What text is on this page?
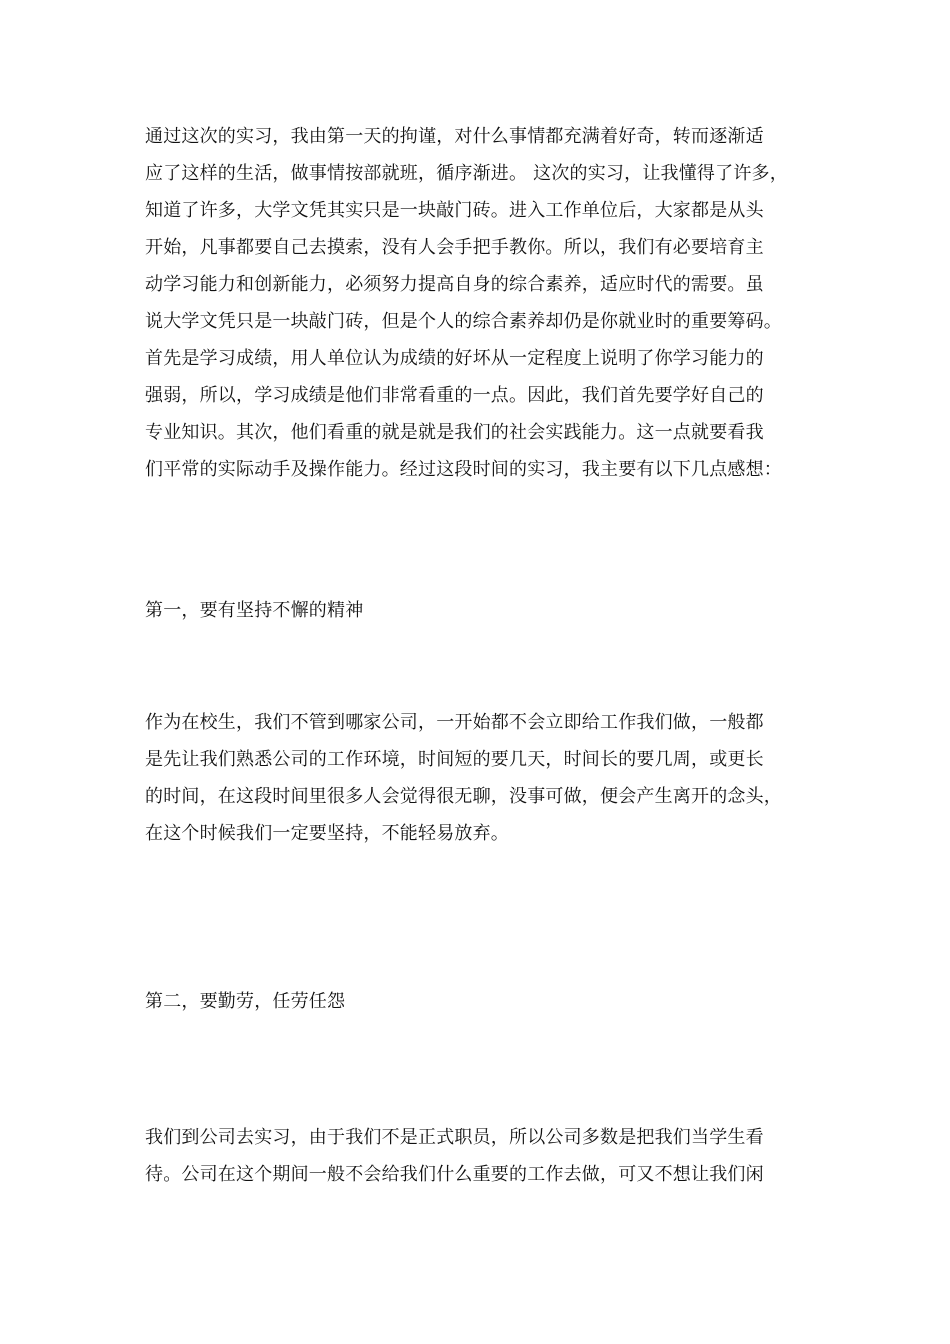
通过这次的实习，我由第一天的拘谨，对什么事情都充满着好奇，转而逐渐适
应了这样的生活，做事情按部就班，循序渐进。 这次的实习，让我懂得了许多，
知道了许多，大学文凭其实只是一块敲门砖。进入工作单位后，大家都是从头
开始，凡事都要自己去摸索，没有人会手把手教你。所以，我们有必要培育主
动学习能力和创新能力，必须努力提高自身的综合素养，适应时代的需要。虽
说大学文凭只是一块敲门砖，但是个人的综合素养却仍是你就业时的重要筹码。
首先是学习成绩，用人单位认为成绩的好坏从一定程度上说明了你学习能力的
强弱，所以，学习成绩是他们非常看重的一点。因此，我们首先要学好自己的
专业知识。其次，他们看重的就是就是我们的社会实践能力。这一点就要看我
们平常的实际动手及操作能力。经过这段时间的实习，我主要有以下几点感想：
第一，要有坚持不懈的精神
作为在校生，我们不管到哪家公司，一开始都不会立即给工作我们做，一般都
是先让我们熟悉公司的工作环境，时间短的要几天，时间长的要几周，或更长
的时间，在这段时间里很多人会觉得很无聊，没事可做，便会产生离开的念头，
在这个时候我们一定要坚持，不能轻易放弃。
第二，要勤劳，任劳任怨
我们到公司去实习，由于我们不是正式职员，所以公司多数是把我们当学生看
待。公司在这个期间一般不会给我们什么重要的工作去做，可又不想让我们闲
